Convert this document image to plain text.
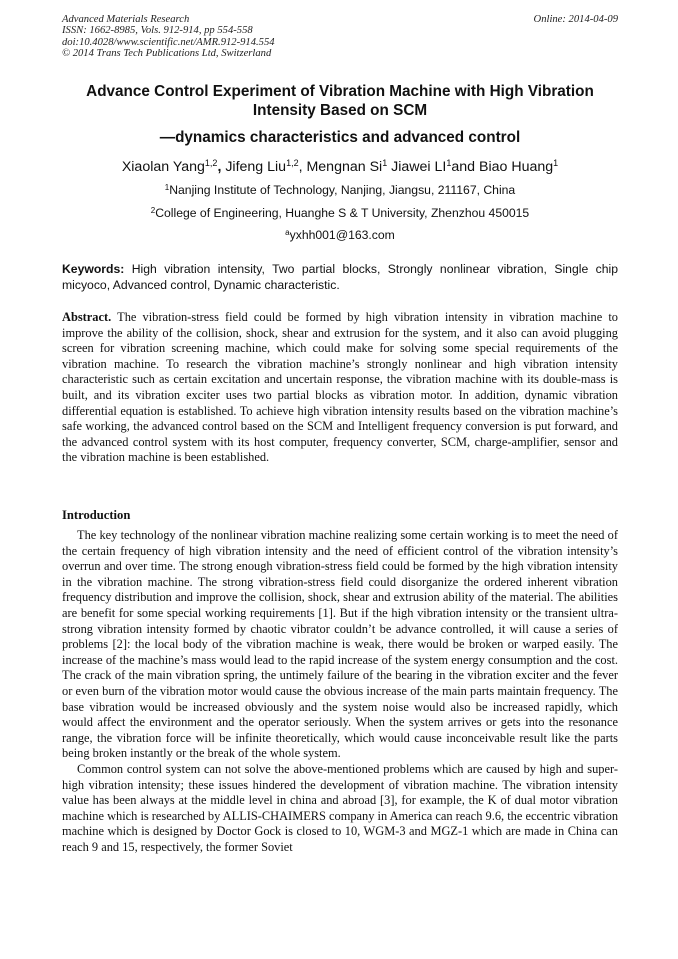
Advanced Materials Research
ISSN: 1662-8985, Vols. 912-914, pp 554-558
doi:10.4028/www.scientific.net/AMR.912-914.554
© 2014 Trans Tech Publications Ltd, Switzerland
Online: 2014-04-09
Advance Control Experiment of Vibration Machine with High Vibration Intensity Based on SCM
—dynamics characteristics and advanced control
Xiaolan Yang$^{1,2}$, Jifeng Liu$^{1,2}$, Mengnan Si$^1$ Jiawei $LI^1and$ Biao Huang$^1$
$^1$Nanjing Institute of Technology, Nanjing, Jiangsu, 211167, China
$^2$College of Engineering, Huanghe S & T University, Zhenzhou 450015
$^a$yxhh001@163.com
Keywords: High vibration intensity, Two partial blocks, Strongly nonlinear vibration, Single chip micyoco, Advanced control, Dynamic characteristic.
Abstract. The vibration-stress field could be formed by high vibration intensity in vibration machine to improve the ability of the collision, shock, shear and extrusion for the system, and it also can avoid plugging screen for vibration screening machine, which could make for solving some special requirements of the vibration machine. To research the vibration machine’s strongly nonlinear and high vibration intensity characteristic such as certain excitation and uncertain response, the vibration machine with its double-mass is built, and its vibration exciter uses two partial blocks as vibration motor. In addition, dynamic vibration differential equation is established. To achieve high vibration intensity results based on the vibration machine’s safe working, the advanced control based on the SCM and Intelligent frequency conversion is put forward, and the advanced control system with its host computer, frequency converter, SCM, charge-amplifier, sensor and the vibration machine is been established.
Introduction

The key technology of the nonlinear vibration machine realizing some certain working is to meet the need of the certain frequency of high vibration intensity and the need of efficient control of the vibration intensity’s overrun and over time. The strong enough vibration-stress field could be formed by the high vibration intensity in the vibration machine. The strong vibration-stress field could disorganize the ordered inherent vibration frequency distribution and improve the collision, shock, shear and extrusion ability of the material. The abilities are benefit for some special working requirements [1]. But if the high vibration intensity or the transient ultra-strong vibration intensity formed by chaotic vibrator couldn’t be advance controlled, it will cause a series of problems [2]: the local body of the vibration machine is weak, there would be broken or warped easily. The increase of the machine’s mass would lead to the rapid increase of the system energy consumption and the cost. The crack of the main vibration spring, the untimely failure of the bearing in the vibration exciter and the fever or even burn of the vibration motor would cause the obvious increase of the main parts maintain frequency. The base vibration would be increased obviously and the system noise would also be increased rapidly, which would affect the environment and the operator seriously. When the system arrives or gets into the resonance range, the vibration force will be infinite theoretically, which would cause inconceivable result like the parts being broken instantly or the break of the whole system.

Common control system can not solve the above-mentioned problems which are caused by high and super-high vibration intensity; these issues hindered the development of vibration machine. The vibration intensity value has been always at the middle level in china and abroad [3], for example, the K of dual motor vibration machine which is researched by ALLIS-CHAIMERS company in America can reach 9.6, the eccentric vibration machine which is designed by Doctor Gock is closed to 10, WGM-3 and MGZ-1 which are made in China can reach 9 and 15, respectively, the former Soviet
